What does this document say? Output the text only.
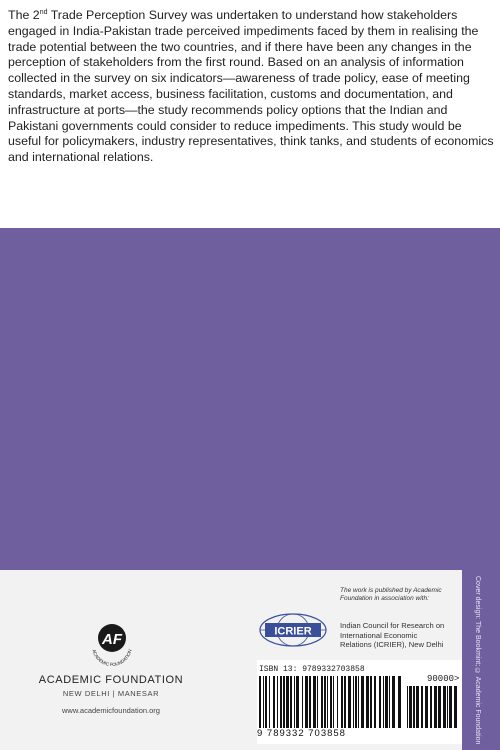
The 2nd Trade Perception Survey was undertaken to understand how stakeholders engaged in India-Pakistan trade perceived impediments faced by them in realising the trade potential between the two countries, and if there have been any changes in the perception of stakeholders from the first round. Based on an analysis of information collected in the survey on six indicators—awareness of trade policy, ease of meeting standards, market access, business facilitation, customs and documentation, and infrastructure at ports—the study recommends policy options that the Indian and Pakistani governments could consider to reduce impediments. This study would be useful for policymakers, industry representatives, think tanks, and students of economics and international relations.

Cover design: The Bookmint; © Academic Foundation
AF
ACADEMIC FOUNDATION
ACADEMIC FOUNDATION
NEW DELHI | MANESAR
www.academicfoundation.org
The work is published by Academic Foundation in association with:
ICRIER	Indian Council for Research on International Economic Relations (ICRIER), New Delhi
ISBN 13: 9789332703858
90000>
9 789332 703858
